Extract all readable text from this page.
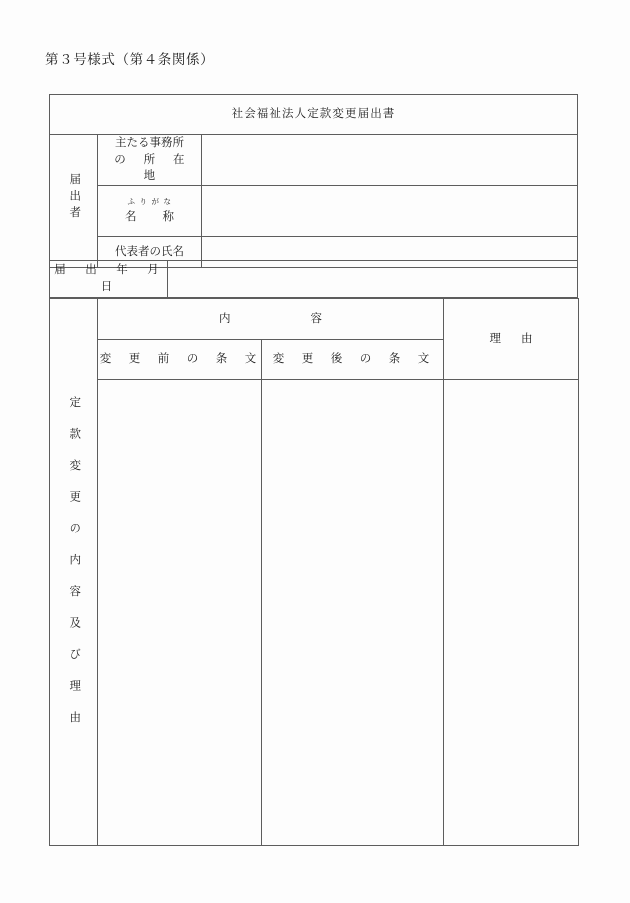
第３号様式（第４条関係）
社会福祉法人定款変更届出書		
届出者	主たる事務所
の　所　在　地	

	ふりがな
名 称	

	代表者の氏名	
届　出　年　月　日	
定款変更の内容及び理由	内 容		理 由
	変　更　前　の　条　文	変　更　後　の　条　文	
